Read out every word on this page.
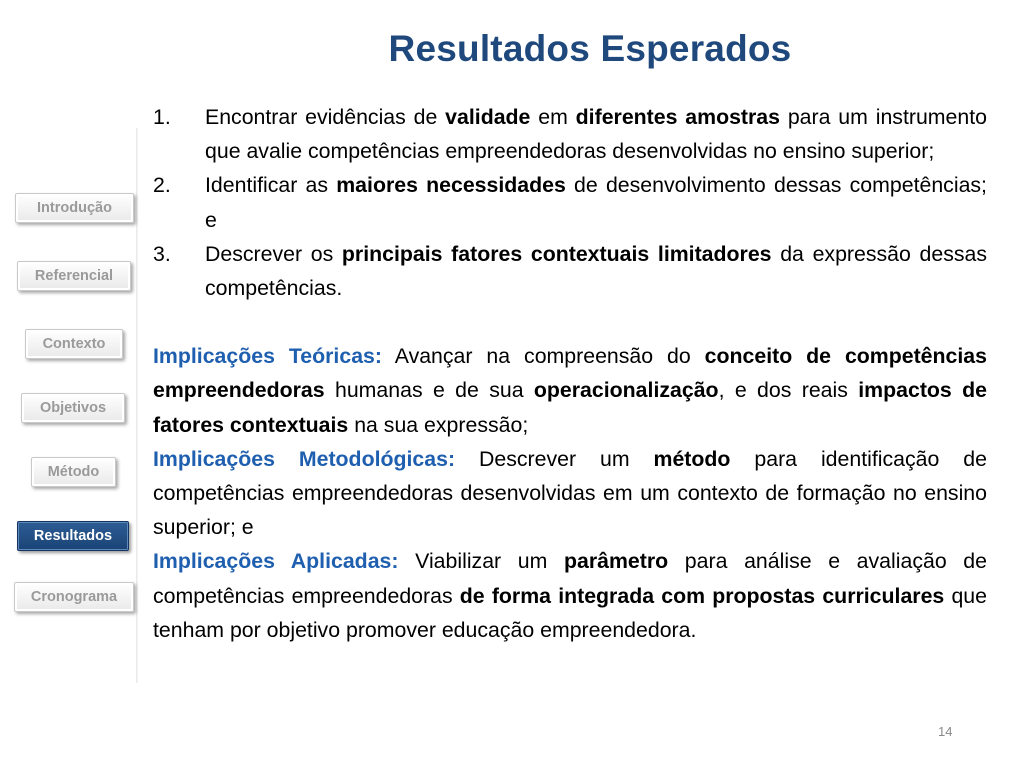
Resultados Esperados
Introdução
Referencial
Contexto
Objetivos
Método
Resultados
Cronograma
1. Encontrar evidências de validade em diferentes amostras para um instrumento que avalie competências empreendedoras desenvolvidas no ensino superior;
2. Identificar as maiores necessidades de desenvolvimento dessas competências; e
3. Descrever os principais fatores contextuais limitadores da expressão dessas competências.

Implicações Teóricas: Avançar na compreensão do conceito de competências empreendedoras humanas e de sua operacionalização, e dos reais impactos de fatores contextuais na sua expressão;

Implicações Metodológicas: Descrever um método para identificação de competências empreendedoras desenvolvidas em um contexto de formação no ensino superior; e

Implicações Aplicadas: Viabilizar um parâmetro para análise e avaliação de competências empreendedoras de forma integrada com propostas curriculares que tenham por objetivo promover educação empreendedora.

14
